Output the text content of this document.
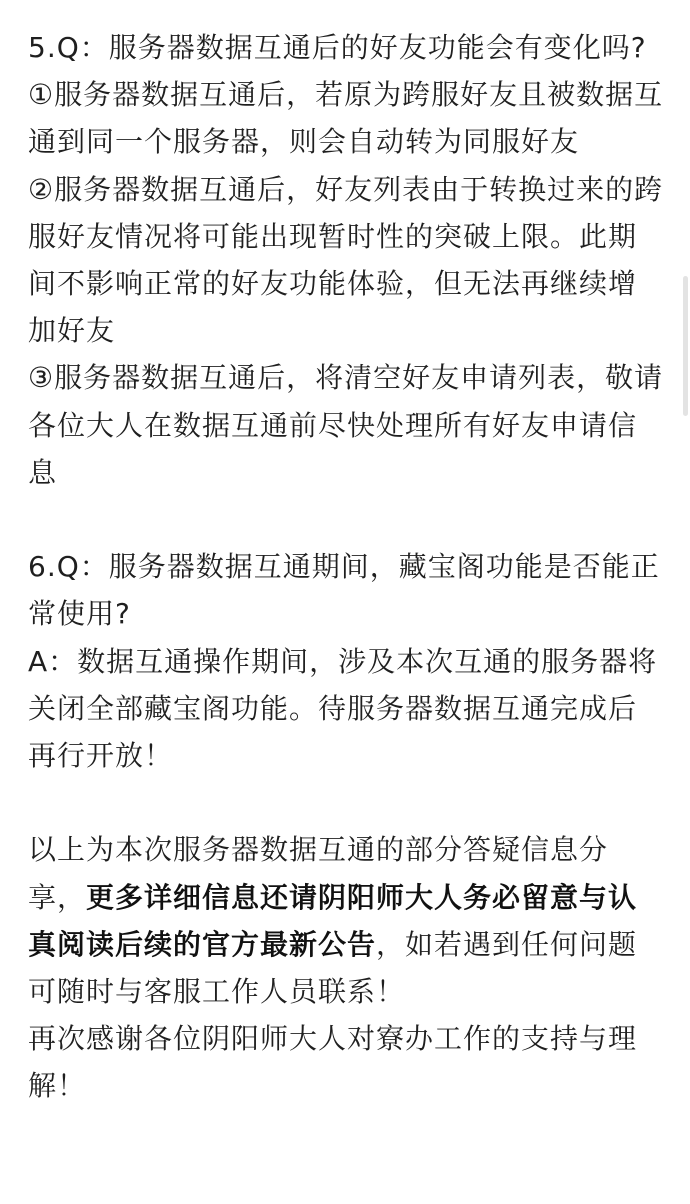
5.Q：服务器数据互通后的好友功能会有变化吗?

①服务器数据互通后，若原为跨服好友且被数据互通到同一个服务器，则会自动转为同服好友

②服务器数据互通后，好友列表由于转换过来的跨服好友情况将可能出现暂时性的突破上限。此期间不影响正常的好友功能体验，但无法再继续增加好友

③服务器数据互通后，将清空好友申请列表，敬请各位大人在数据互通前尽快处理所有好友申请信息

6.Q：服务器数据互通期间，藏宝阁功能是否能正常使用?

A：数据互通操作期间，涉及本次互通的服务器将关闭全部藏宝阁功能。待服务器数据互通完成后再行开放！

以上为本次服务器数据互通的部分答疑信息分享，更多详细信息还请阴阳师大人务必留意与认真阅读后续的官方最新公告，如若遇到任何问题可随时与客服工作人员联系！

再次感谢各位阴阳师大人对寮办工作的支持与理解！
